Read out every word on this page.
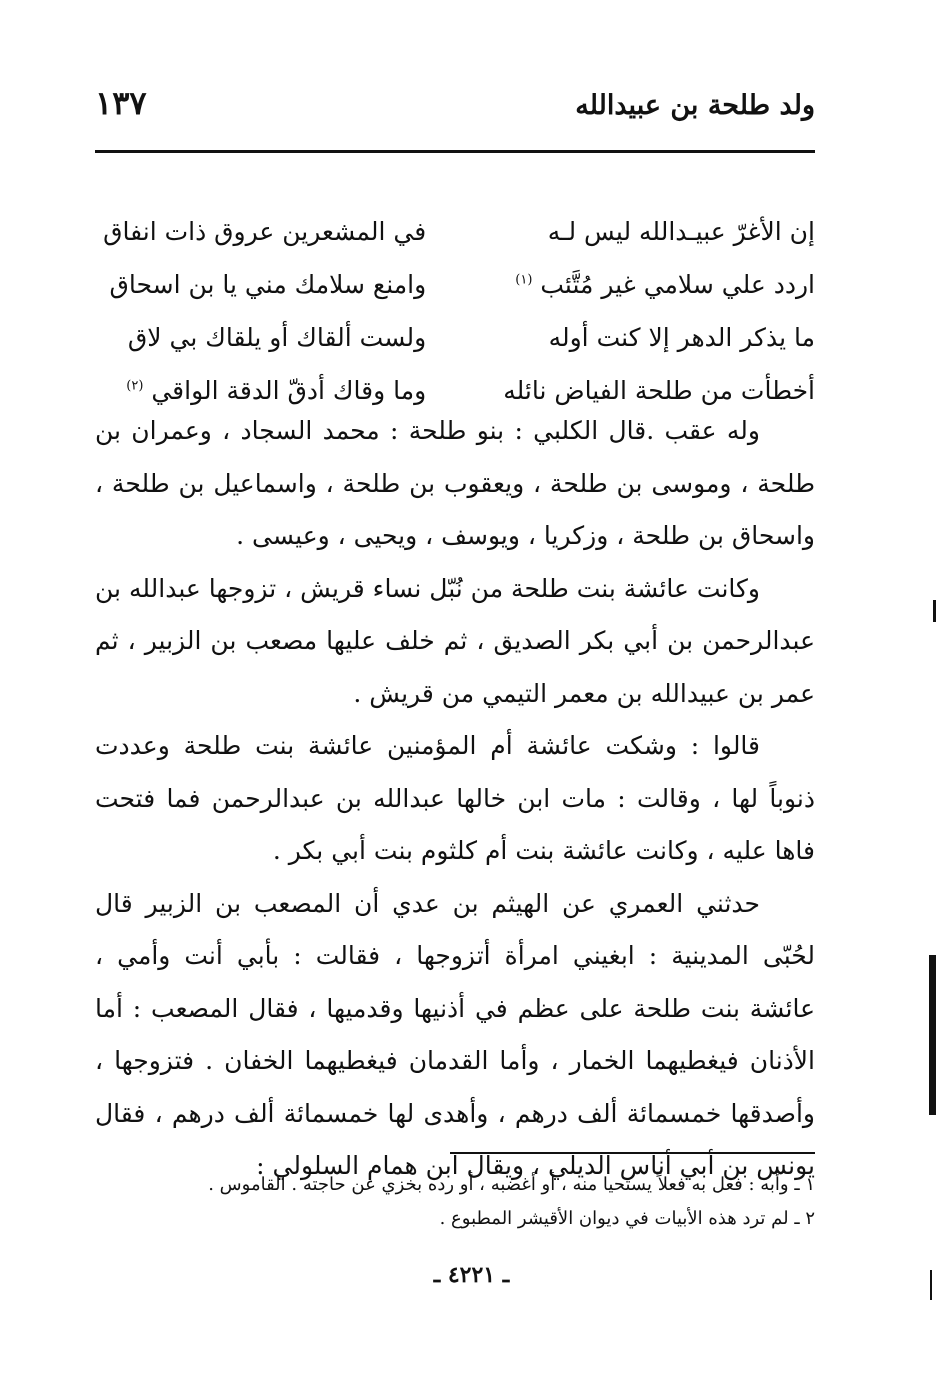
ولد طلحة بن عبيدالله
١٣٧
إن الأغرّ عبيـدالله ليس لـه
في المشعرين عروق ذات انفاق
اردد علي سلامي غير مُتَّئب $^{(١)}$
وامنع سلامك مني يا بن اسحاق
ما يذكر الدهر إلا كنت أوله
ولست ألقاك أو يلقاك بي لاق
أخطأت من طلحة الفياض نائله
وما وقاك أدقّ الدقة الواقي $^{(٢)}$

وله عقب .قال الكلبي : بنو طلحة : محمد السجاد ، وعمران بن طلحة ، وموسى بن طلحة ، ويعقوب بن طلحة ، واسماعيل بن طلحة ، واسحاق بن طلحة ، وزكريا ، ويوسف ، ويحيى ، وعيسى .

وكانت عائشة بنت طلحة من نُبّل نساء قريش ، تزوجها عبدالله بن عبدالرحمن بن أبي بكر الصديق ، ثم خلف عليها مصعب بن الزبير ، ثم عمر بن عبيدالله بن معمر التيمي من قريش .

قالوا : وشكت عائشة أم المؤمنين عائشة بنت طلحة وعددت ذنوباً لها ، وقالت : مات ابن خالها عبدالله بن عبدالرحمن فما فتحت فاها عليه ، وكانت عائشة بنت أم كلثوم بنت أبي بكر .

حدثني العمري عن الهيثم بن عدي أن المصعب بن الزبير قال لحُبّى المدينية : ابغيني امرأة أتزوجها ، فقالت : بأبي أنت وأمي ، عائشة بنت طلحة على عظم في أذنيها وقدميها ، فقال المصعب : أما الأذنان فيغطيهما الخمار ، وأما القدمان فيغطيهما الخفان . فتزوجها ، وأصدقها خمسمائة ألف درهم ، وأهدى لها خمسمائة ألف درهم ، فقال يونس بن أبي أناس الديلي ، ويقال ابن همام السلولي :

١ ـ وأبه : فعل به فعلاً يستحيا منه ، أو أغضبه ، أو رده بخزي عن حاجته . القاموس .
٢ ـ لم ترد هذه الأبيات في ديوان الأقيشر المطبوع .
ـ ٤٢٢١ ـ
